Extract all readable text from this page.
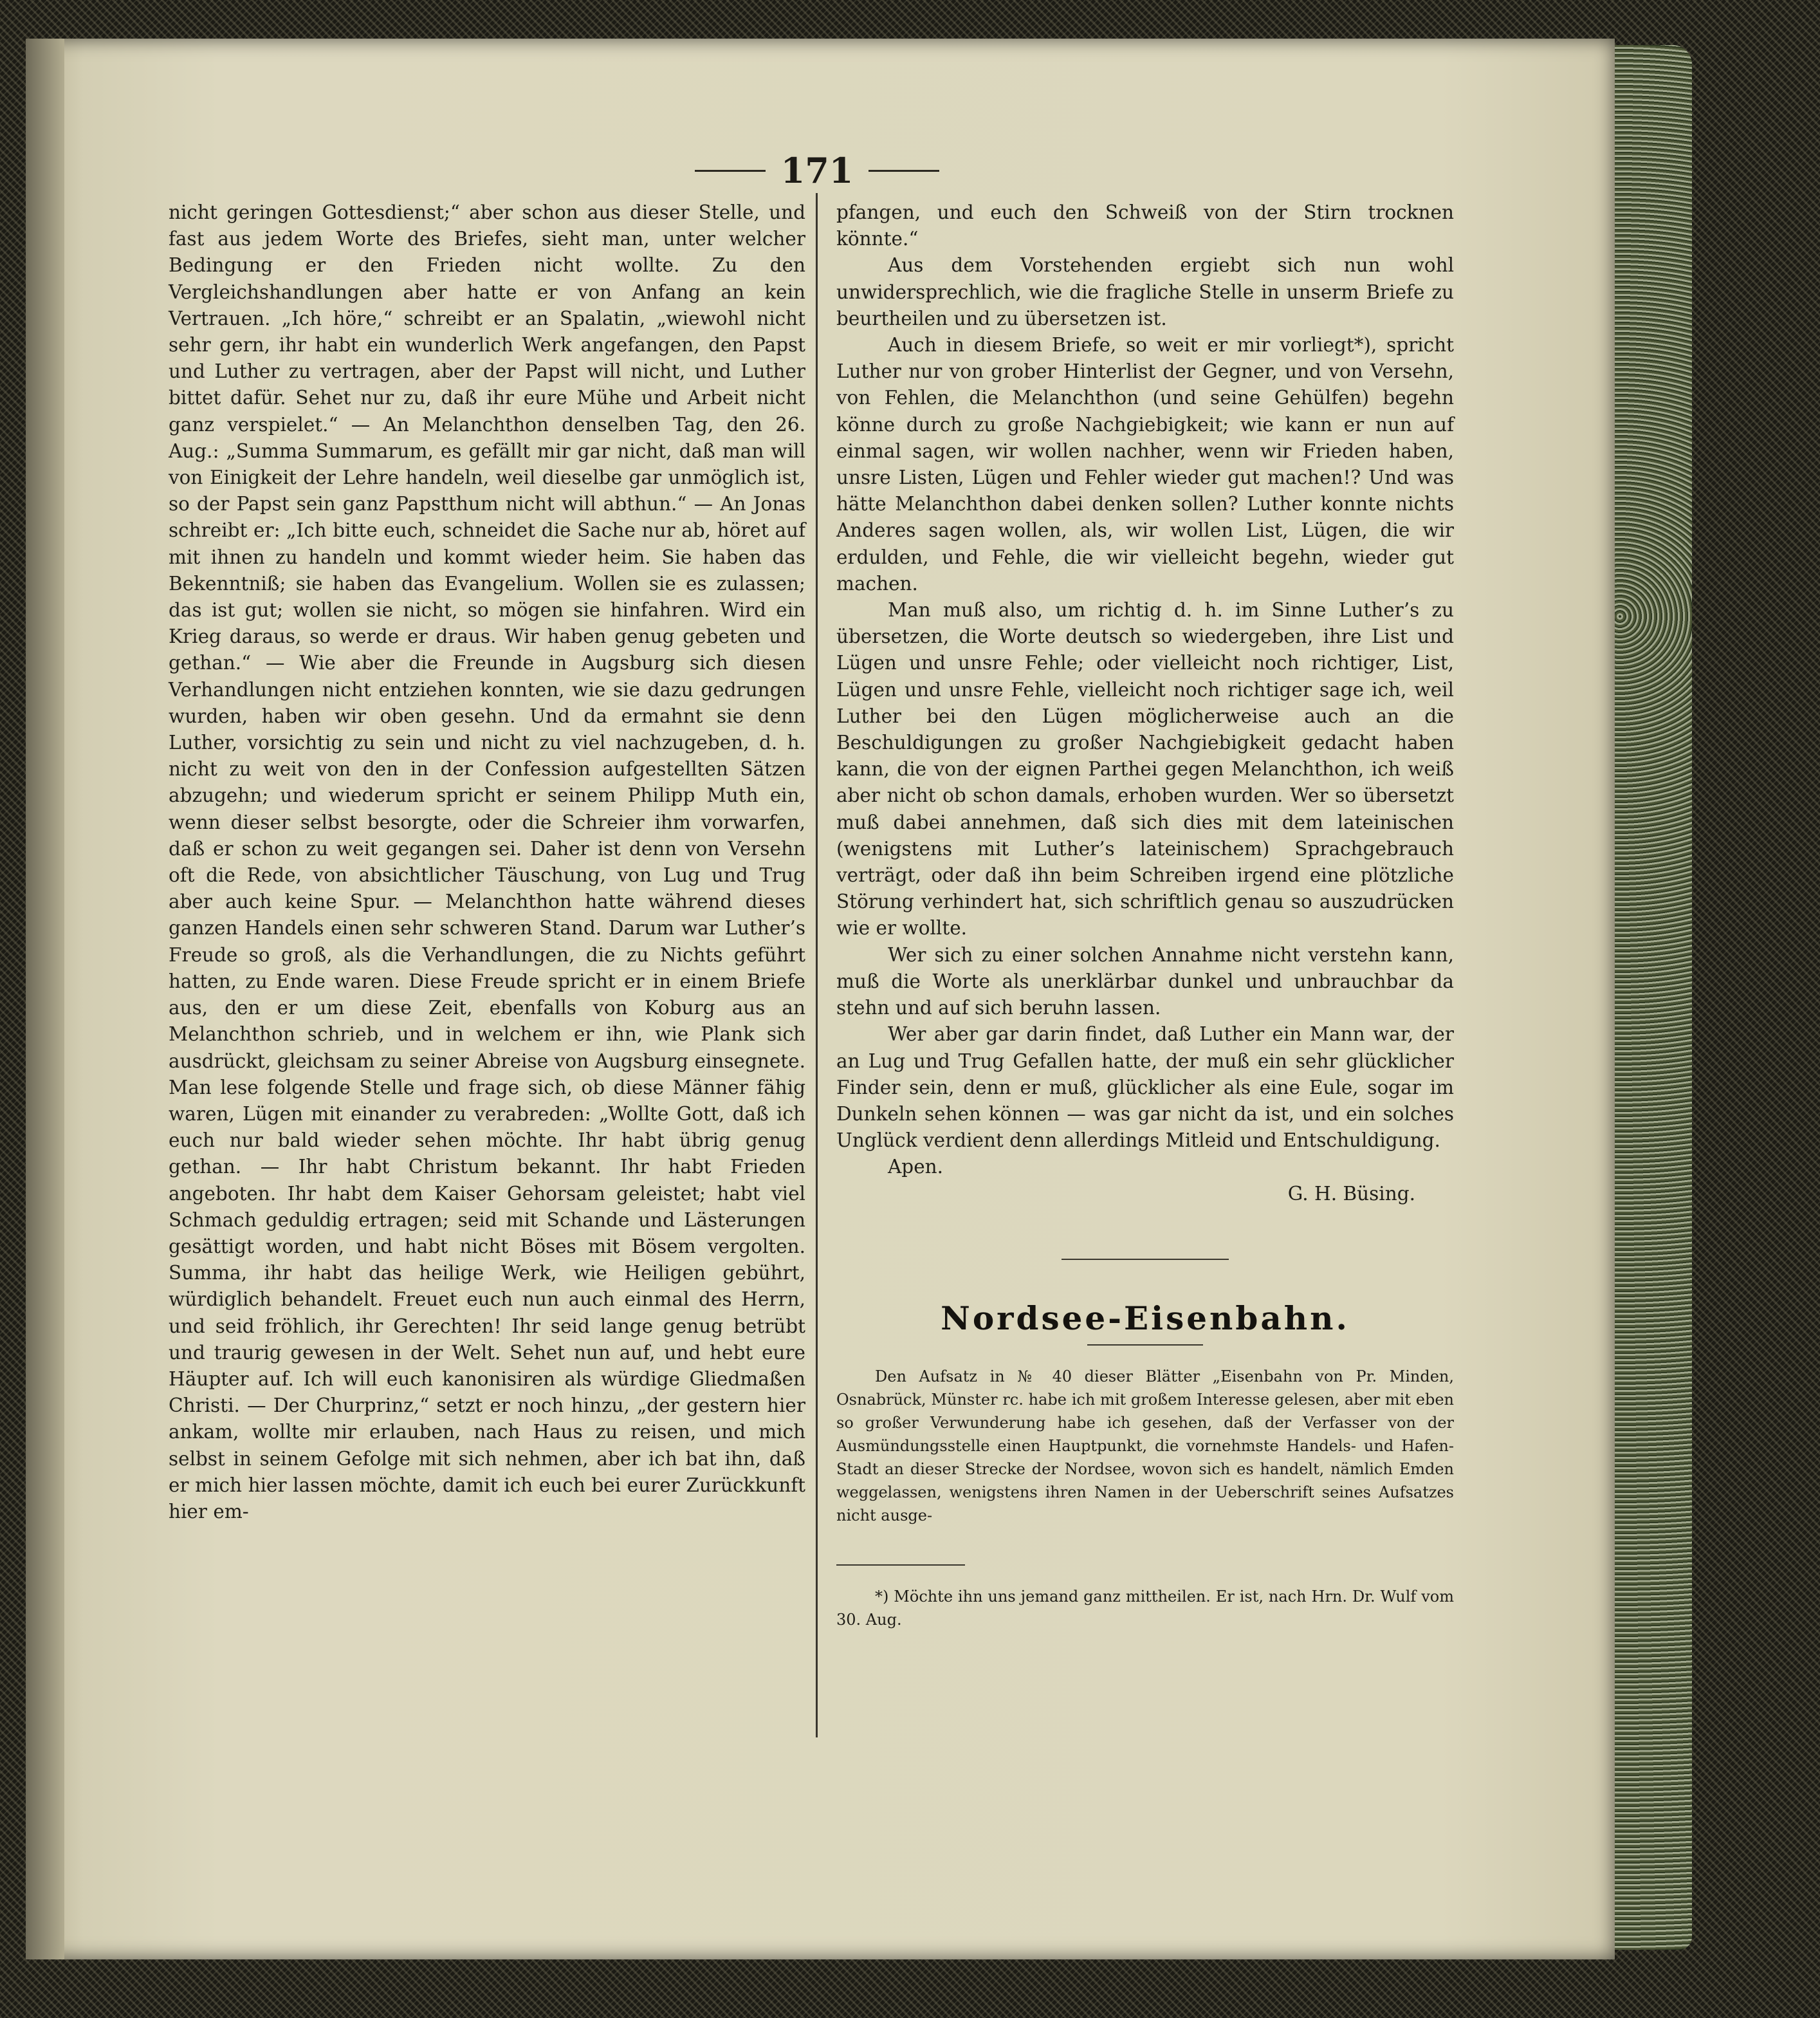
171

nicht geringen Gottesdienst;“ aber schon aus dieser Stelle, und fast aus jedem Worte des Briefes, sieht man, unter welcher Bedingung er den Frieden nicht wollte. Zu den Vergleichshandlungen aber hatte er von Anfang an kein Vertrauen. „Ich höre,“ schreibt er an Spalatin, „wiewohl nicht sehr gern, ihr habt ein wunderlich Werk angefangen, den Papst und Luther zu vertragen, aber der Papst will nicht, und Luther bittet dafür. Sehet nur zu, daß ihr eure Mühe und Arbeit nicht ganz verspielet.“ — An Melanchthon denselben Tag, den 26. Aug.: „Summa Summarum, es gefällt mir gar nicht, daß man will von Einigkeit der Lehre handeln, weil dieselbe gar unmöglich ist, so der Papst sein ganz Papstthum nicht will abthun.“ — An Jonas schreibt er: „Ich bitte euch, schneidet die Sache nur ab, höret auf mit ihnen zu handeln und kommt wieder heim. Sie haben das Bekenntniß; sie haben das Evangelium. Wollen sie es zulassen; das ist gut; wollen sie nicht, so mögen sie hinfahren. Wird ein Krieg daraus, so werde er draus. Wir haben genug gebeten und gethan.“ — Wie aber die Freunde in Augsburg sich diesen Verhandlungen nicht entziehen konnten, wie sie dazu gedrungen wurden, haben wir oben gesehn. Und da ermahnt sie denn Luther, vorsichtig zu sein und nicht zu viel nachzugeben, d. h. nicht zu weit von den in der Confession aufgestellten Sätzen abzugehn; und wiederum spricht er seinem Philipp Muth ein, wenn dieser selbst besorgte, oder die Schreier ihm vorwarfen, daß er schon zu weit gegangen sei. Daher ist denn von Versehn oft die Rede, von absichtlicher Täuschung, von Lug und Trug aber auch keine Spur. — Melanchthon hatte während dieses ganzen Handels einen sehr schweren Stand. Darum war Luther’s Freude so groß, als die Verhandlungen, die zu Nichts geführt hatten, zu Ende waren. Diese Freude spricht er in einem Briefe aus, den er um diese Zeit, ebenfalls von Koburg aus an Melanchthon schrieb, und in welchem er ihn, wie Plank sich ausdrückt, gleichsam zu seiner Abreise von Augsburg einsegnete. Man lese folgende Stelle und frage sich, ob diese Männer fähig waren, Lügen mit einander zu verabreden: „Wollte Gott, daß ich euch nur bald wieder sehen möchte. Ihr habt übrig genug gethan. — Ihr habt Christum bekannt. Ihr habt Frieden angeboten. Ihr habt dem Kaiser Gehorsam geleistet; habt viel Schmach geduldig ertragen; seid mit Schande und Lästerungen gesättigt worden, und habt nicht Böses mit Bösem vergolten. Summa, ihr habt das heilige Werk, wie Heiligen gebührt, würdiglich behandelt. Freuet euch nun auch einmal des Herrn, und seid fröhlich, ihr Gerechten! Ihr seid lange genug betrübt und traurig gewesen in der Welt. Sehet nun auf, und hebt eure Häupter auf. Ich will euch kanonisiren als würdige Gliedmaßen Christi. — Der Churprinz,“ setzt er noch hinzu, „der gestern hier ankam, wollte mir erlauben, nach Haus zu reisen, und mich selbst in seinem Gefolge mit sich nehmen, aber ich bat ihn, daß er mich hier lassen möchte, damit ich euch bei eurer Zurückkunft hier em-

pfangen, und euch den Schweiß von der Stirn trocknen könnte.“

Aus dem Vorstehenden ergiebt sich nun wohl unwidersprechlich, wie die fragliche Stelle in unserm Briefe zu beurtheilen und zu übersetzen ist.

Auch in diesem Briefe, so weit er mir vorliegt*), spricht Luther nur von grober Hinterlist der Gegner, und von Versehn, von Fehlen, die Melanchthon (und seine Gehülfen) begehn könne durch zu große Nachgiebigkeit; wie kann er nun auf einmal sagen, wir wollen nachher, wenn wir Frieden haben, unsre Listen, Lügen und Fehler wieder gut machen!? Und was hätte Melanchthon dabei denken sollen? Luther konnte nichts Anderes sagen wollen, als, wir wollen List, Lügen, die wir erdulden, und Fehle, die wir vielleicht begehn, wieder gut machen.

Man muß also, um richtig d. h. im Sinne Luther’s zu übersetzen, die Worte deutsch so wiedergeben, ihre List und Lügen und unsre Fehle; oder vielleicht noch richtiger, List, Lügen und unsre Fehle, vielleicht noch richtiger sage ich, weil Luther bei den Lügen möglicherweise auch an die Beschuldigungen zu großer Nachgiebigkeit gedacht haben kann, die von der eignen Parthei gegen Melanchthon, ich weiß aber nicht ob schon damals, erhoben wurden. Wer so übersetzt muß dabei annehmen, daß sich dies mit dem lateinischen (wenigstens mit Luther’s lateinischem) Sprachgebrauch verträgt, oder daß ihn beim Schreiben irgend eine plötzliche Störung verhindert hat, sich schriftlich genau so auszudrücken wie er wollte.

Wer sich zu einer solchen Annahme nicht verstehn kann, muß die Worte als unerklärbar dunkel und unbrauchbar da stehn und auf sich beruhn lassen.

Wer aber gar darin findet, daß Luther ein Mann war, der an Lug und Trug Gefallen hatte, der muß ein sehr glücklicher Finder sein, denn er muß, glücklicher als eine Eule, sogar im Dunkeln sehen können — was gar nicht da ist, und ein solches Unglück verdient denn allerdings Mitleid und Entschuldigung.

Apen.

G. H. Büsing.

Nordsee-Eisenbahn.

Den Aufsatz in № 40 dieser Blätter „Eisenbahn von Pr. Minden, Osnabrück, Münster rc. habe ich mit großem Interesse gelesen, aber mit eben so großer Verwunderung habe ich gesehen, daß der Verfasser von der Ausmündungsstelle einen Hauptpunkt, die vornehmste Handels- und Hafen-Stadt an dieser Strecke der Nordsee, wovon sich es handelt, nämlich Emden weggelassen, wenigstens ihren Namen in der Ueberschrift seines Aufsatzes nicht ausge-

*) Möchte ihn uns jemand ganz mittheilen. Er ist, nach Hrn. Dr. Wulf vom 30. Aug.
